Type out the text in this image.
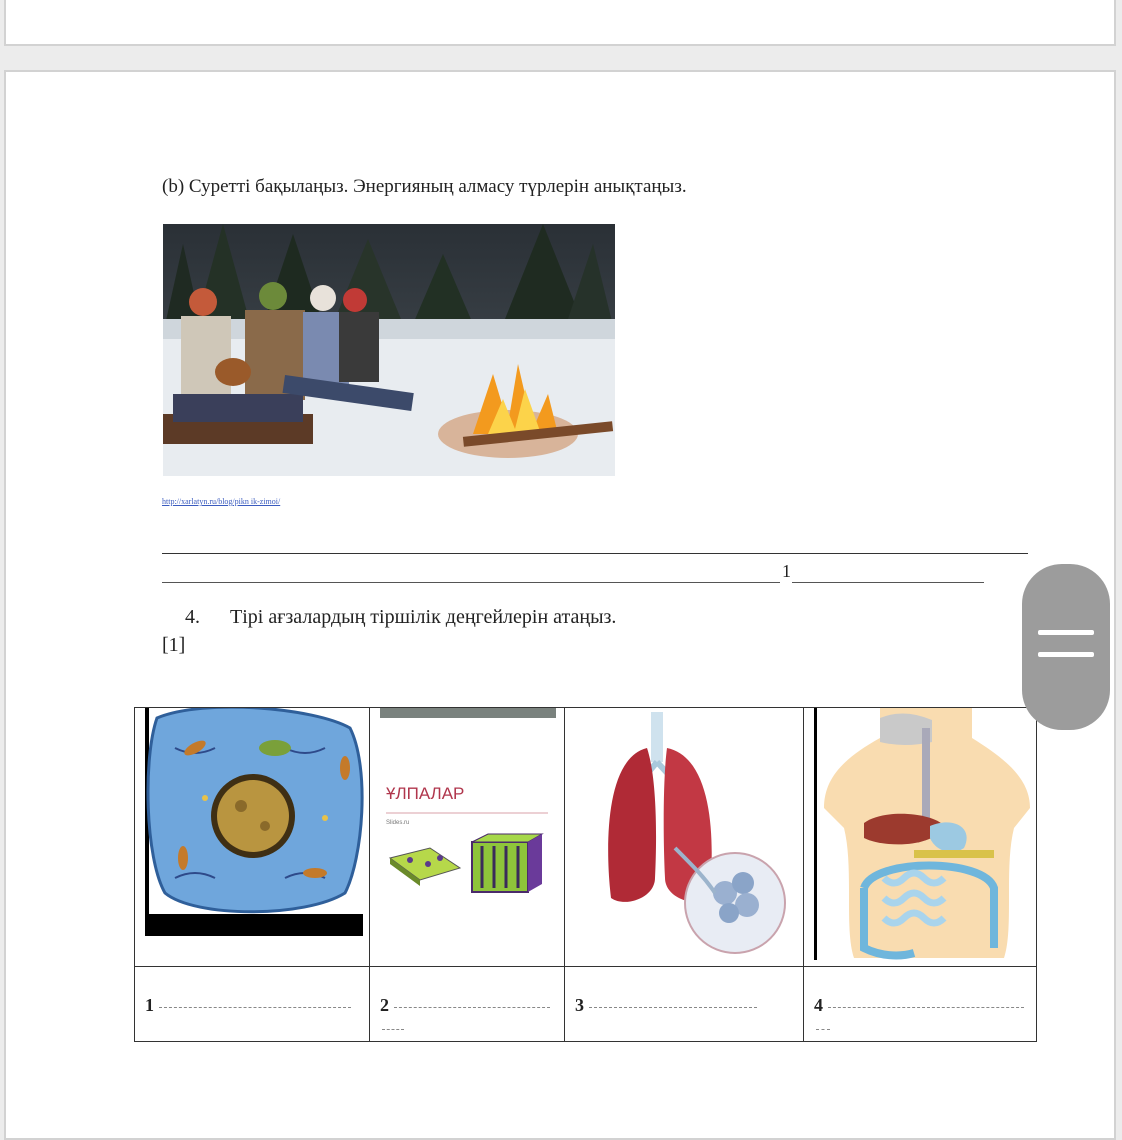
(b) Суретті бақылаңыз. Энергияның алмасу түрлерін анықтаңыз.
http://xarlatyn.ru/blog/pikn ik-zimoi/
1
4. Тірі ағзалардың тіршілік деңгейлерін атаңыз.
[1]

ҰЛПАЛАР
Slides.ru

1	2	3	4
